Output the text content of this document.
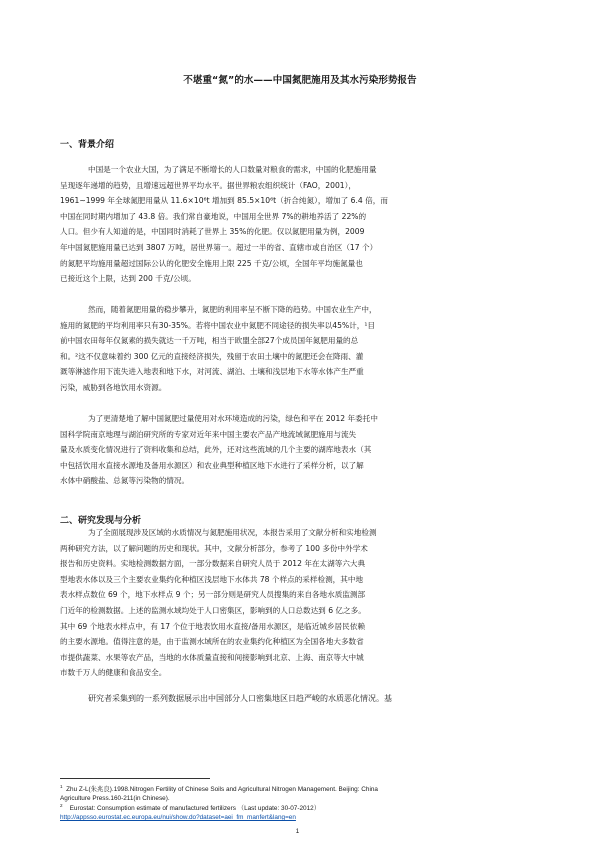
不堪重“氮”的水——中国氮肥施用及其水污染形势报告
一、背景介绍
中国是一个农业大国，为了满足不断增长的人口数量对粮食的需求，中国的化肥施用量
呈现逐年递增的趋势，且增速远超世界平均水平。据世界粮农组织统计（FAO，2001），
1961~1999 年全球氮肥用量从 11.6×10⁶t 增加到 85.5×10⁶t（折合纯氮），增加了 6.4 倍，而
中国在同时期内增加了 43.8 倍。我们常自豪地说，中国用全世界 7%的耕地养活了 22%的
人口。但少有人知道的是，中国同时消耗了世界上 35%的化肥。仅以氮肥用量为例，2009
年中国氮肥施用量已达到 3807 万吨，居世界第一。超过一半的省、直辖市或自治区（17 个）
的氮肥平均施用量超过国际公认的化肥安全施用上限 225 千克/公顷，全国年平均施氮量也
已接近这个上限，达到 200 千克/公顷。
然而，随着氮肥用量的稳步攀升，氮肥的利用率呈不断下降的趋势。中国农业生产中，
施用的氮肥的平均利用率只有30-35%。若将中国农业中氮肥不同途径的损失率以45%计，¹目
前中国农田每年仅氮素的损失就达一千万吨，相当于欧盟全部27个成员国年氮肥用量的总
和。²这不仅意味着约 300 亿元的直接经济损失，残留于农田土壤中的氮肥还会在降雨、灌
溉等淋滤作用下流失进入地表和地下水，对河流、湖泊、土壤和浅层地下水等水体产生严重
污染，威胁到各地饮用水资源。
为了更清楚地了解中国氮肥过量使用对水环境造成的污染，绿色和平在 2012 年委托中
国科学院南京地理与湖泊研究所的专家对近年来中国主要农产品产地流域氮肥施用与流失
量及水质变化情况进行了资料收集和总结，此外，还对这些流域的几个主要的湖库地表水（其
中包括饮用水直接水源地及备用水源区）和农业典型种植区地下水进行了采样分析，以了解
水体中硝酸盐、总氮等污染物的情况。
二、研究发现与分析
为了全面展现涉及区域的水质情况与氮肥施用状况，本报告采用了文献分析和实地检测
两种研究方法，以了解问题的历史和现状。其中，文献分析部分，参考了 100 多份中外学术
报告和历史资料。实地检测数据方面，一部分数据来自研究人员于 2012 年在太湖等六大典
型地表水体以及三个主要农业集约化种植区浅层地下水体共 78 个样点的采样检测，其中地
表水样点数位 69 个，地下水样点 9 个；另一部分则是研究人员搜集的来自各地水质监测部
门近年的检测数据。上述的监测水域均处于人口密集区，影响到的人口总数达到 6 亿之多。
其中 69 个地表水样点中，有 17 个位于地表饮用水直接/备用水源区，是临近城乡居民依赖
的主要水源地。值得注意的是，由于监测水域所在的农业集约化种植区为全国各地大多数省
市提供蔬菜、水果等农产品，当地的水体质量直接和间接影响到北京、上海、南京等大中城
市数千万人的健康和食品安全。
研究者采集到的一系列数据展示出中国部分人口密集地区日趋严峻的水质恶化情况。基
$^1$ Zhu Z-L(朱兆良).1998.Nitrogen Fertility of Chinese Soils and Agricultural Nitrogen Management. Beijing: China
Agriculture Press.160-211(in Chinese).
$^2$ Eurostat: Consumption estimate of manufactured fertilizers （Last update: 30-07-2012）
http://appsso.eurostat.ec.europa.eu/nui/show.do?dataset=aei_fm_manfert&lang=en
1
